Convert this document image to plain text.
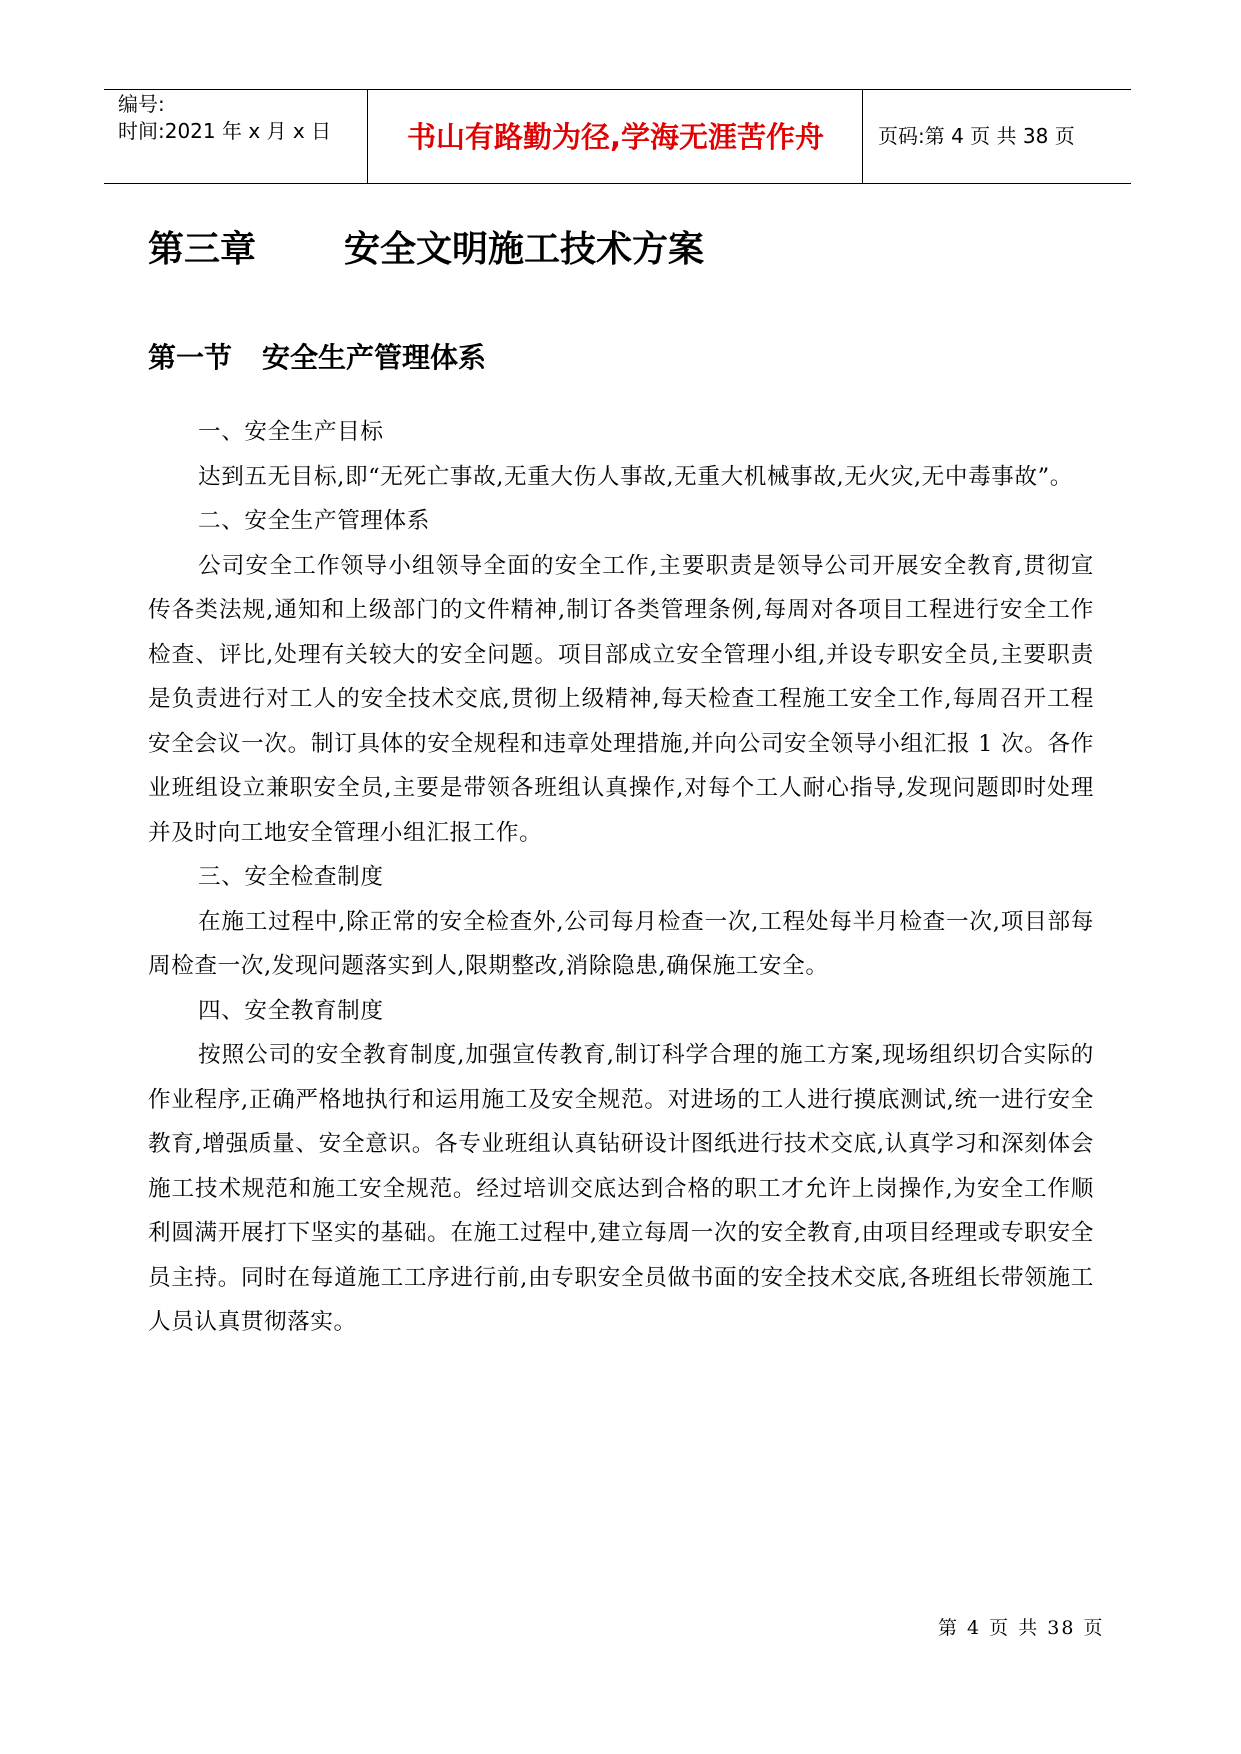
编号:
时间:2021 年 x 月 x 日	书山有路勤为径,学海无涯苦作舟	页码:第 4 页 共 38 页
第三章 安全文明施工技术方案
第一节 安全生产管理体系

一、安全生产目标

达到五无目标,即“无死亡事故,无重大伤人事故,无重大机械事故,无火灾,无中毒事故”。

二、安全生产管理体系

公司安全工作领导小组领导全面的安全工作,主要职责是领导公司开展安全教育,贯彻宣传各类法规,通知和上级部门的文件精神,制订各类管理条例,每周对各项目工程进行安全工作检查、评比,处理有关较大的安全问题。项目部成立安全管理小组,并设专职安全员,主要职责是负责进行对工人的安全技术交底,贯彻上级精神,每天检查工程施工安全工作,每周召开工程安全会议一次。制订具体的安全规程和违章处理措施,并向公司安全领导小组汇报 1 次。各作业班组设立兼职安全员,主要是带领各班组认真操作,对每个工人耐心指导,发现问题即时处理并及时向工地安全管理小组汇报工作。

三、安全检查制度

在施工过程中,除正常的安全检查外,公司每月检查一次,工程处每半月检查一次,项目部每周检查一次,发现问题落实到人,限期整改,消除隐患,确保施工安全。

四、安全教育制度

按照公司的安全教育制度,加强宣传教育,制订科学合理的施工方案,现场组织切合实际的作业程序,正确严格地执行和运用施工及安全规范。对进场的工人进行摸底测试,统一进行安全教育,增强质量、安全意识。各专业班组认真钻研设计图纸进行技术交底,认真学习和深刻体会施工技术规范和施工安全规范。经过培训交底达到合格的职工才允许上岗操作,为安全工作顺利圆满开展打下坚实的基础。在施工过程中,建立每周一次的安全教育,由项目经理或专职安全员主持。同时在每道施工工序进行前,由专职安全员做书面的安全技术交底,各班组长带领施工人员认真贯彻落实。

第 4 页 共 38 页
